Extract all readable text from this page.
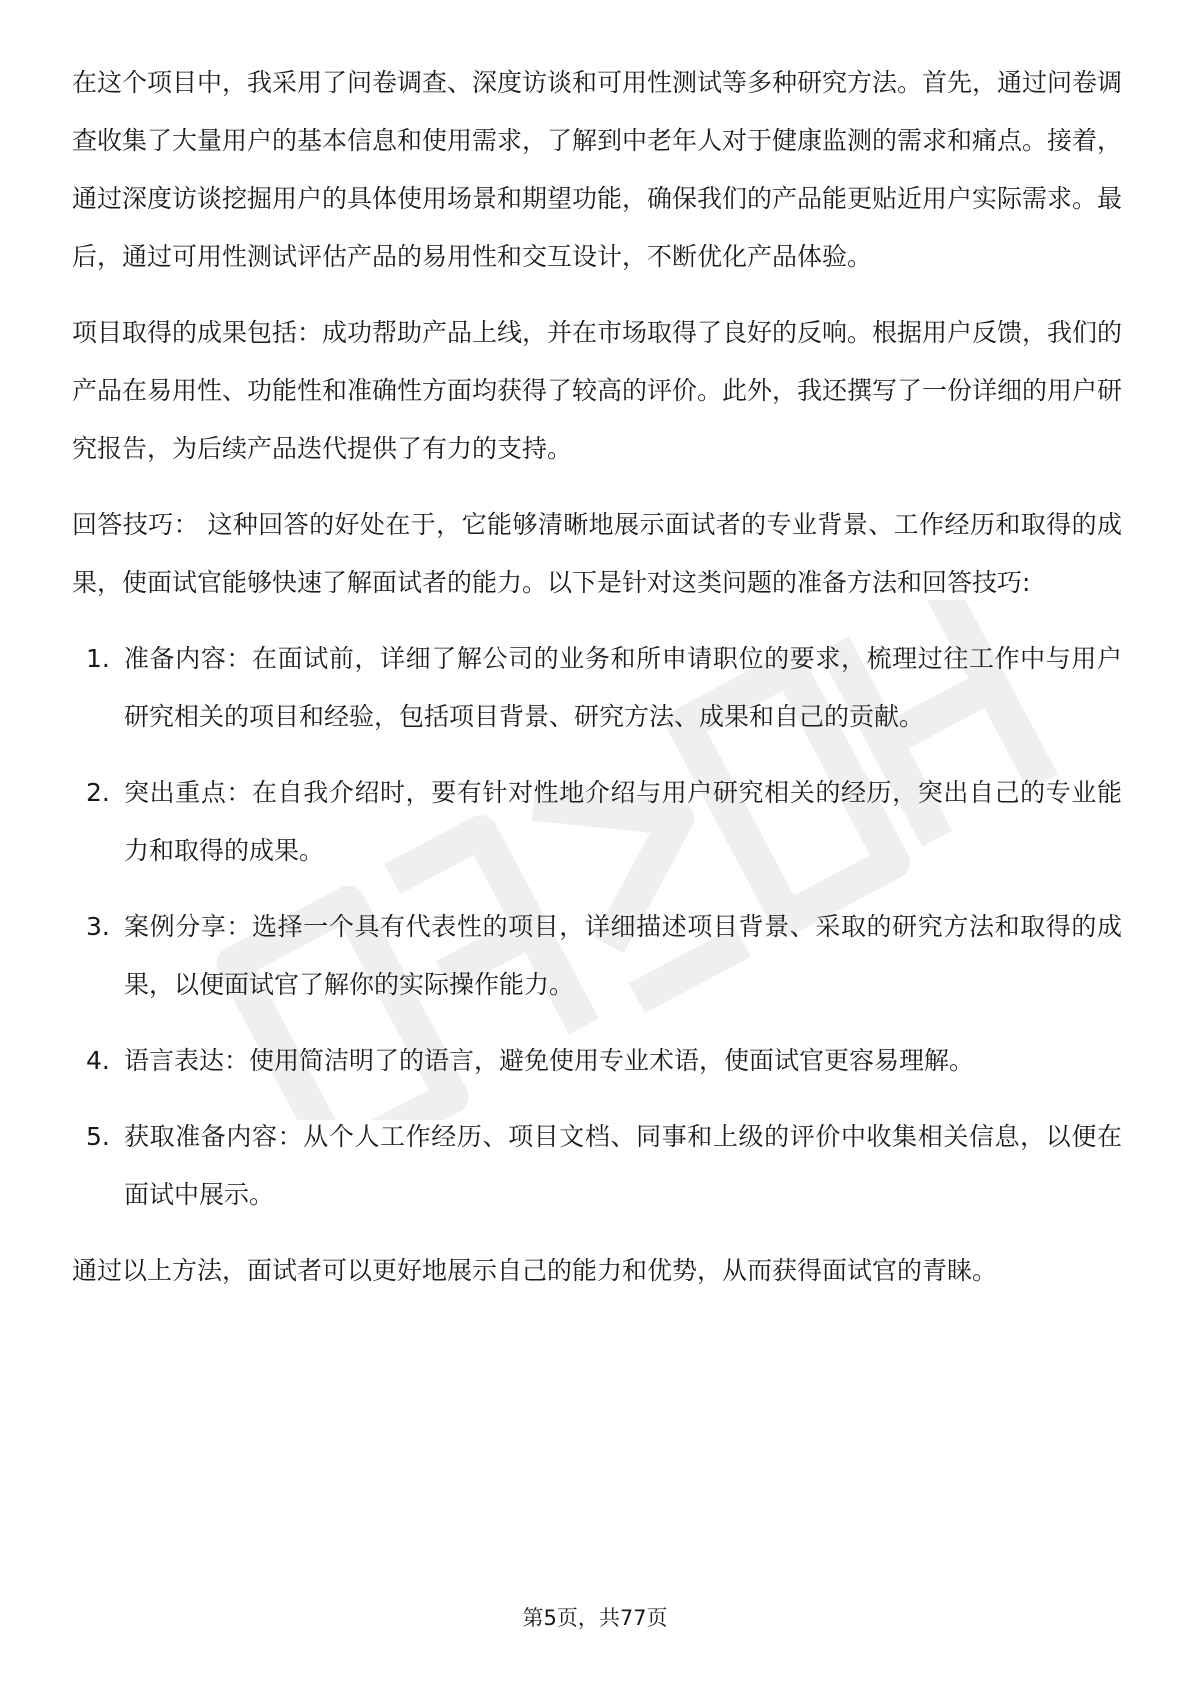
在这个项目中，我采用了问卷调查、深度访谈和可用性测试等多种研究方法。首先，通过问卷调查收集了大量用户的基本信息和使用需求，了解到中老年人对于健康监测的需求和痛点。接着，通过深度访谈挖掘用户的具体使用场景和期望功能，确保我们的产品能更贴近用户实际需求。最后，通过可用性测试评估产品的易用性和交互设计，不断优化产品体验。

项目取得的成果包括：成功帮助产品上线，并在市场取得了良好的反响。根据用户反馈，我们的产品在易用性、功能性和准确性方面均获得了较高的评价。此外，我还撰写了一份详细的用户研究报告，为后续产品迭代提供了有力的支持。

回答技巧： 这种回答的好处在于，它能够清晰地展示面试者的专业背景、工作经历和取得的成果，使面试官能够快速了解面试者的能力。以下是针对这类问题的准备方法和回答技巧:

1. 准备内容：在面试前，详细了解公司的业务和所申请职位的要求，梳理过往工作中与用户研究相关的项目和经验，包括项目背景、研究方法、成果和自己的贡献。

2. 突出重点：在自我介绍时，要有针对性地介绍与用户研究相关的经历，突出自己的专业能力和取得的成果。

3. 案例分享：选择一个具有代表性的项目，详细描述项目背景、采取的研究方法和取得的成果，以便面试官了解你的实际操作能力。

4. 语言表达：使用简洁明了的语言，避免使用专业术语，使面试官更容易理解。

5. 获取准备内容：从个人工作经历、项目文档、同事和上级的评价中收集相关信息，以便在面试中展示。

通过以上方法，面试者可以更好地展示自己的能力和优势，从而获得面试官的青睐。

第5页，共77页
